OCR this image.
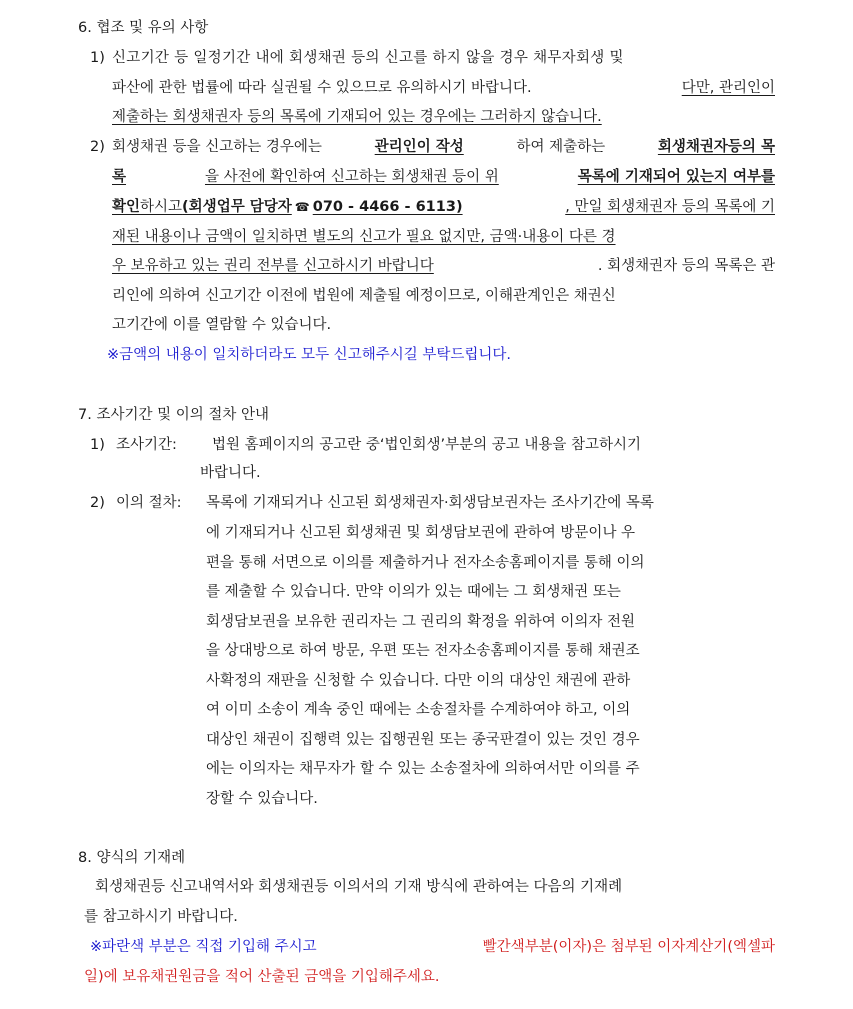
6. 협조 및 유의 사항
1) 신고기간 등 일정기간 내에 회생채권 등의 신고를 하지 않을 경우 채무자회생 및
파산에 관한 법률에 따라 실권될 수 있으므로 유의하시기 바랍니다.	다만, 관리인이
제출하는 회생채권자 등의 목록에 기재되어 있는 경우에는 그러하지 않습니다.
2) 회생채권 등을 신고하는 경우에는	관리인이 작성	하여 제출하는	회생채권자등의 목
록	을 사전에 확인하여 신고하는 회생채권 등이 위	목록에 기재되어 있는지 여부를
확인하시고(회생업무 담당자 ☎ 070 - 4466 - 6113)	, 만일 회생채권자 등의 목록에 기
재된 내용이나 금액이 일치하면 별도의 신고가 필요 없지만, 금액·내용이 다른 경
우 보유하고 있는 권리 전부를 신고하시기 바랍니다	. 회생채권자 등의 목록은 관
리인에 의하여 신고기간 이전에 법원에 제출될 예정이므로, 이해관계인은 채권신
고기간에 이를 열람할 수 있습니다.
※금액의 내용이 일치하더라도 모두 신고해주시길 부탁드립니다.
7. 조사기간 및 이의 절차 안내
1) 조사기간: 법원 홈페이지의 공고란 중‘법인회생’부분의 공고 내용을 참고하시기
바랍니다.
2) 이의 절차: 목록에 기재되거나 신고된 회생채권자·회생담보권자는 조사기간에 목록
에 기재되거나 신고된 회생채권 및 회생담보권에 관하여 방문이나 우
편을 통해 서면으로 이의를 제출하거나 전자소송홈페이지를 통해 이의
를 제출할 수 있습니다. 만약 이의가 있는 때에는 그 회생채권 또는
회생담보권을 보유한 권리자는 그 권리의 확정을 위하여 이의자 전원
을 상대방으로 하여 방문, 우편 또는 전자소송홈페이지를 통해 채권조
사확정의 재판을 신청할 수 있습니다. 다만 이의 대상인 채권에 관하
여 이미 소송이 계속 중인 때에는 소송절차를 수계하여야 하고, 이의
대상인 채권이 집행력 있는 집행권원 또는 종국판결이 있는 것인 경우
에는 이의자는 채무자가 할 수 있는 소송절차에 의하여서만 이의를 주
장할 수 있습니다.
8. 양식의 기재례
회생채권등 신고내역서와 회생채권등 이의서의 기재 방식에 관하여는 다음의 기재례
를 참고하시기 바랍니다.
※파란색 부분은 직접 기입해 주시고	빨간색부분(이자)은 첨부된 이자계산기(엑셀파
일)에 보유채권원금을 적어 산출된 금액을 기입해주세요.
